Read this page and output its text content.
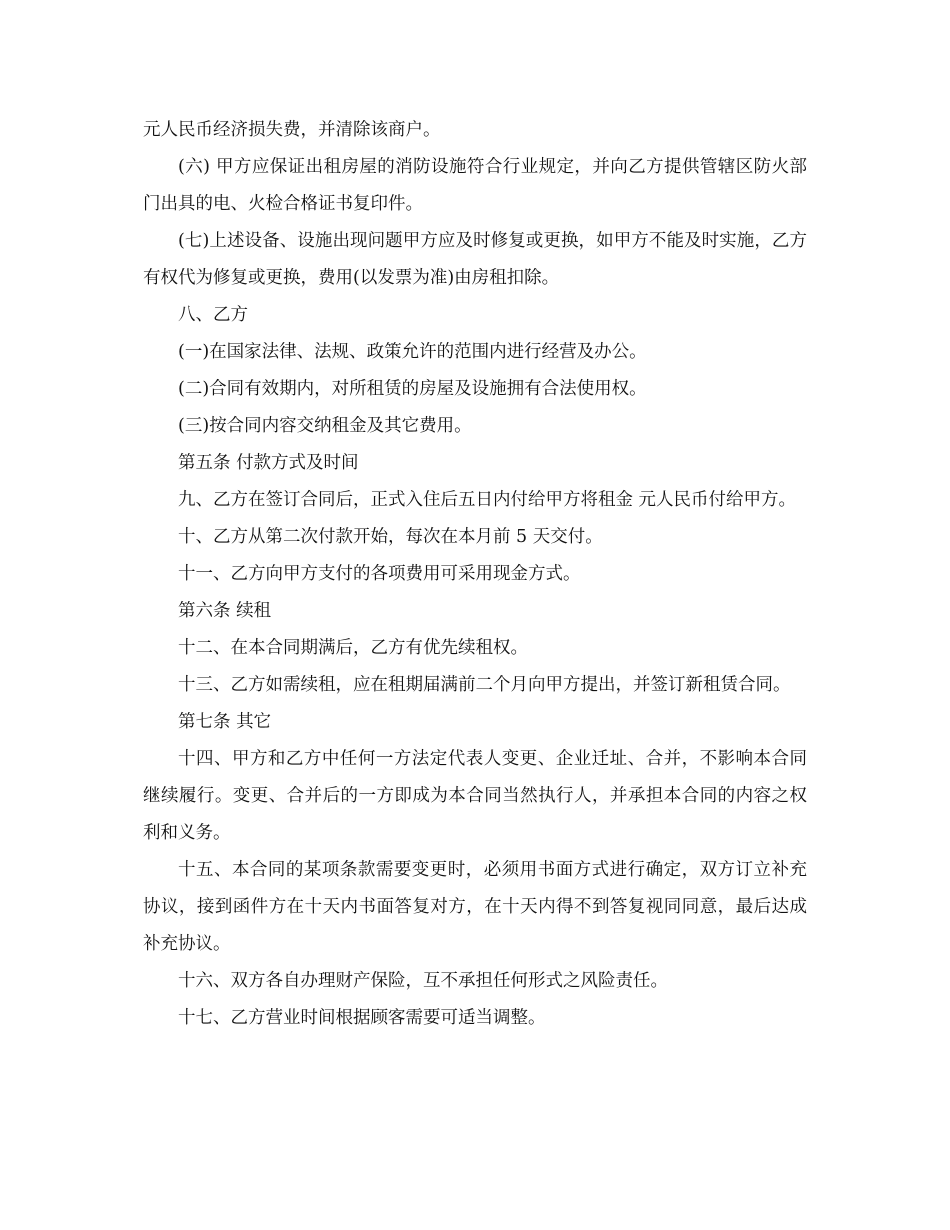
元人民币经济损失费，并清除该商户。

(六) 甲方应保证出租房屋的消防设施符合行业规定，并向乙方提供管辖区防火部门出具的电、火检合格证书复印件。

(七)上述设备、设施出现问题甲方应及时修复或更换，如甲方不能及时实施，乙方有权代为修复或更换，费用(以发票为准)由房租扣除。

八、乙方

(一)在国家法律、法规、政策允许的范围内进行经营及办公。

(二)合同有效期内，对所租赁的房屋及设施拥有合法使用权。

(三)按合同内容交纳租金及其它费用。

第五条 付款方式及时间

九、乙方在签订合同后，正式入住后五日内付给甲方将租金 元人民币付给甲方。

十、乙方从第二次付款开始，每次在本月前 5 天交付。

十一、乙方向甲方支付的各项费用可采用现金方式。

第六条 续租

十二、在本合同期满后，乙方有优先续租权。

十三、乙方如需续租，应在租期届满前二个月向甲方提出，并签订新租赁合同。

第七条 其它

十四、甲方和乙方中任何一方法定代表人变更、企业迁址、合并，不影响本合同继续履行。变更、合并后的一方即成为本合同当然执行人，并承担本合同的内容之权利和义务。

十五、本合同的某项条款需要变更时，必须用书面方式进行确定，双方订立补充协议，接到函件方在十天内书面答复对方，在十天内得不到答复视同同意，最后达成补充协议。

十六、双方各自办理财产保险，互不承担任何形式之风险责任。

十七、乙方营业时间根据顾客需要可适当调整。
